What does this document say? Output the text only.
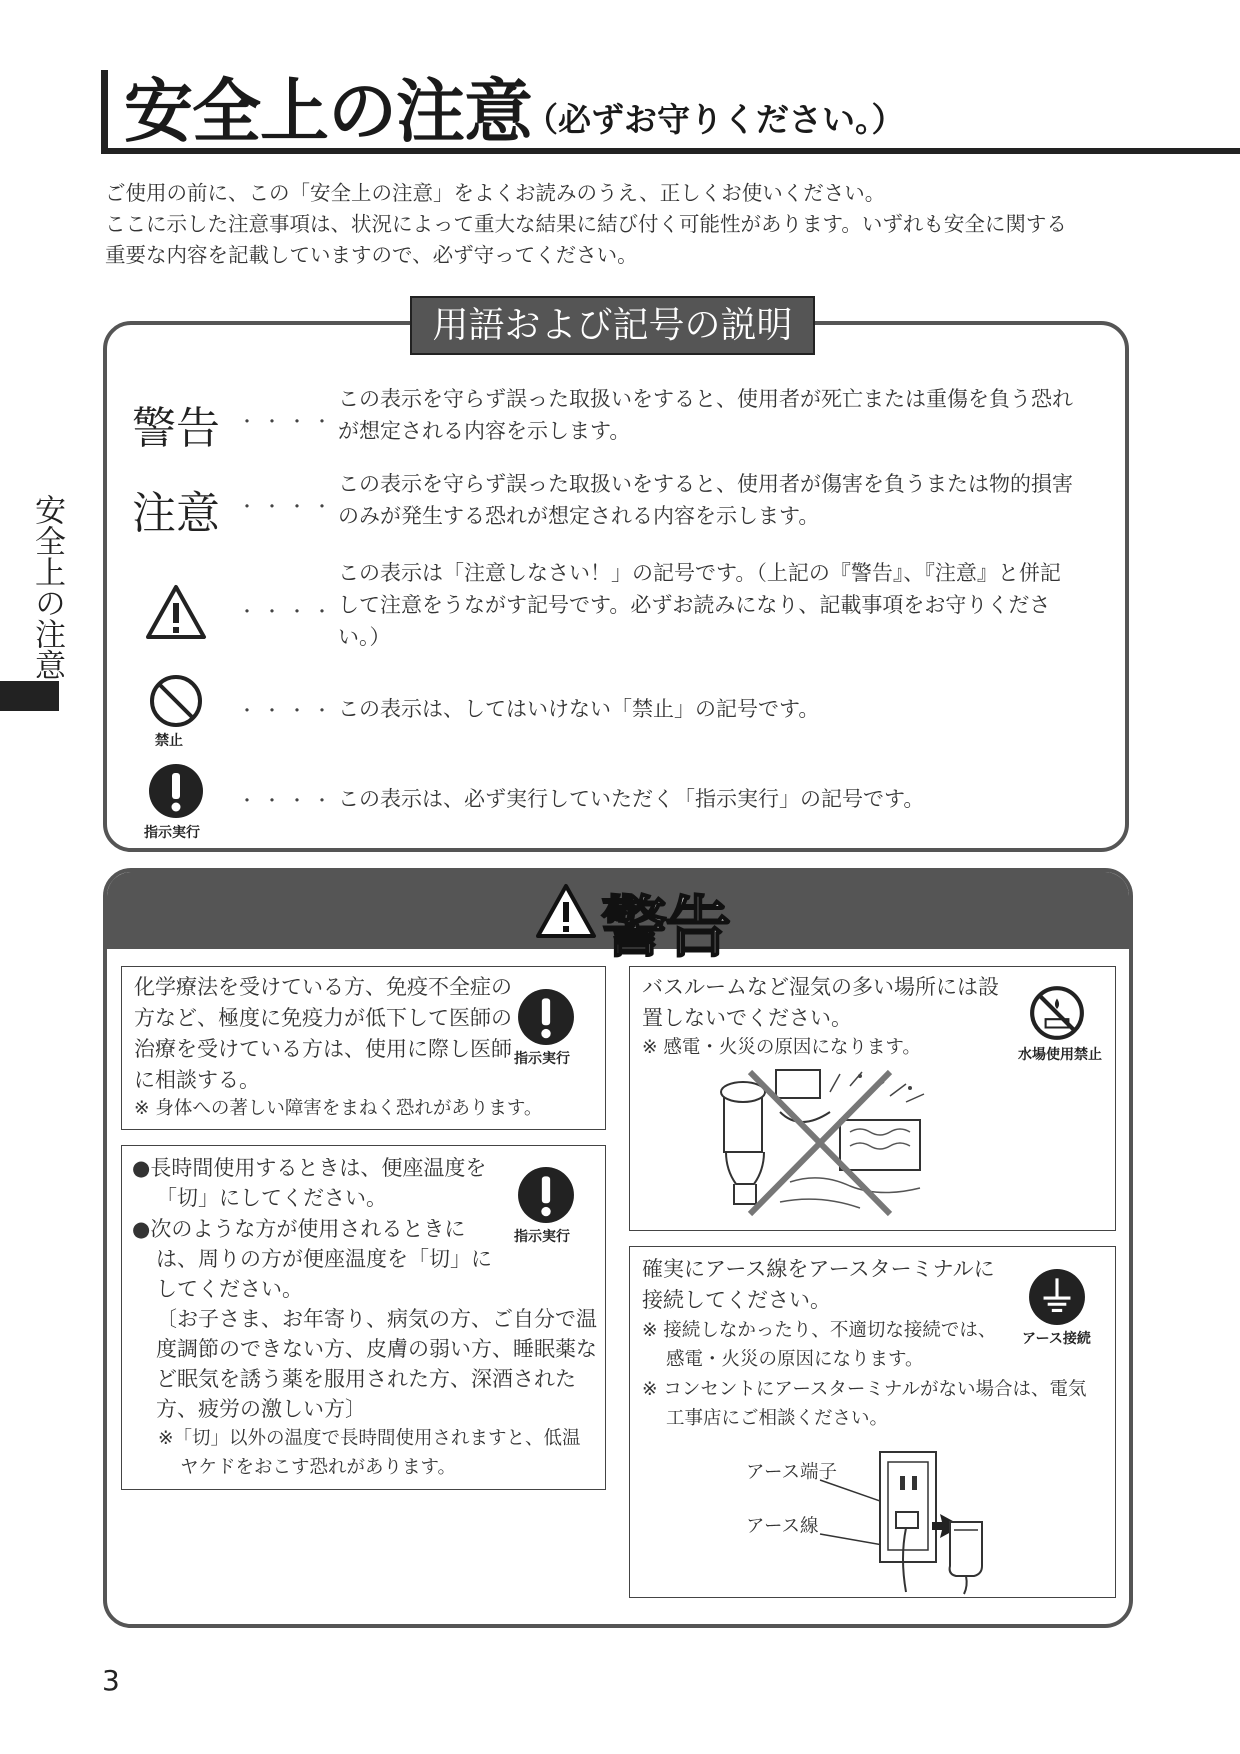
安全上の注意
（必ずお守りください。）
ご使用の前に、この「安全上の注意」をよくお読みのうえ、正しくお使いください。
ここに示した注意事項は、状況によって重大な結果に結び付く可能性があります。いずれも安全に関する
重要な内容を記載していますので、必ず守ってください。
安全上の注意
用語および記号の説明
警告 ・・・・
この表示を守らず誤った取扱いをすると、使用者が死亡または重傷を負う恐れが想定される内容を示します。
注意 ・・・・
この表示を守らず誤った取扱いをすると、使用者が傷害を負うまたは物的損害のみが発生する恐れが想定される内容を示します。
・・・・
この表示は「注意しなさい！」の記号です。（上記の『警告』、『注意』と併記して注意をうながす記号です。必ずお読みになり、記載事項をお守りください。）
禁止
・・・・ この表示は、してはいけない「禁止」の記号です。
指示実行
・・・・ この表示は、必ず実行していただく「指示実行」の記号です。
警告
化学療法を受けている方、免疫不全症の
方など、極度に免疫力が低下して医師の
治療を受けている方は、使用に際し医師
に相談する。
※ 身体への著しい障害をまねく恐れがあります。
指示実行
●長時間使用するときは、便座温度を
「切」にしてください。
●次のような方が使用されるときに
は、周りの方が便座温度を「切」に
してください。
〔お子さま、お年寄り、病気の方、ご自分で温
度調節のできない方、皮膚の弱い方、睡眠薬な
ど眠気を誘う薬を服用された方、深酒された
方、疲労の激しい方〕
※「切」以外の温度で長時間使用されますと、低温
ヤケドをおこす恐れがあります。
指示実行
バスルームなど湿気の多い場所には設
置しないでください。
※ 感電・火災の原因になります。	水場使用禁止
確実にアース線をアースターミナルに
接続してください。
※ 接続しなかったり、不適切な接続では、
感電・火災の原因になります。
※ コンセントにアースターミナルがない場合は、電気
工事店にご相談ください。
アース接続
アース端子
アース線
3
